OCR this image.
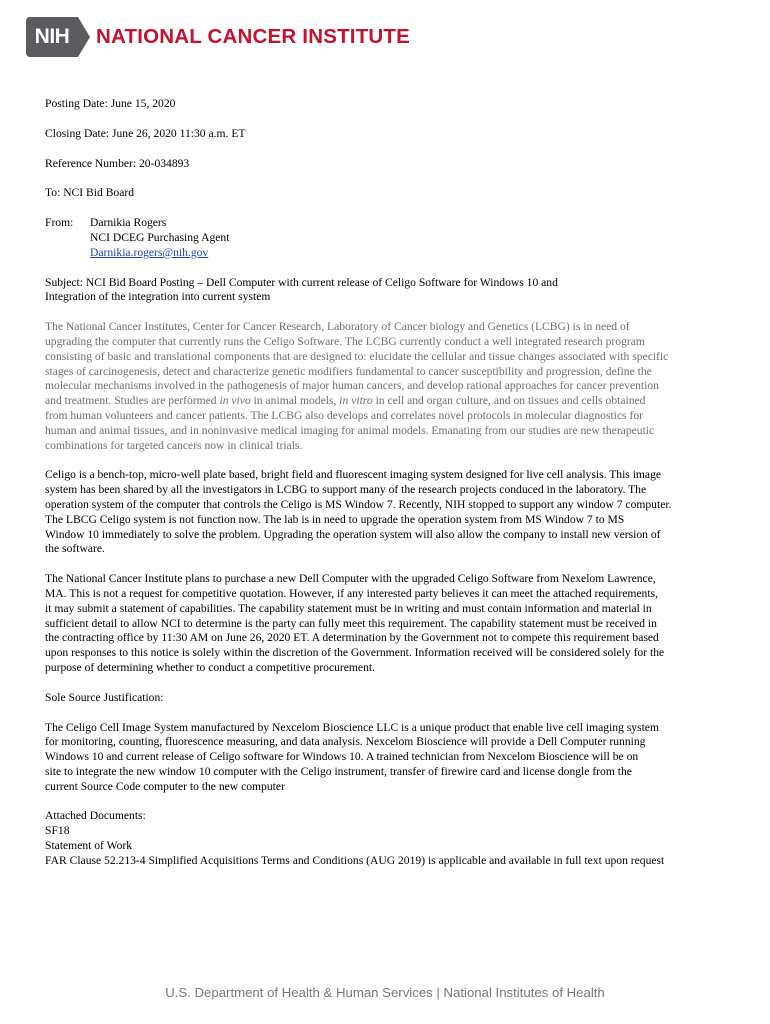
NIH	NATIONAL CANCER INSTITUTE

Posting Date: June 15, 2020

Closing Date: June 26, 2020 11:30 a.m. ET

Reference Number: 20-034893

To: NCI Bid Board

From:	Darnikia Rogers
NCI DCEG Purchasing Agent
Darnikia.rogers@nih.gov
Subject: NCI Bid Board Posting – Dell Computer with current release of Celigo Software for Windows 10 and
Integration of the integration into current system
The National Cancer Institutes, Center for Cancer Research, Laboratory of Cancer biology and Genetics (LCBG) is in need of
upgrading the computer that currently runs the Celigo Software. The LCBG currently conduct a well integrated research program
consisting of basic and translational components that are designed to: elucidate the cellular and tissue changes associated with specific
stages of carcinogenesis, detect and characterize genetic modifiers fundamental to cancer susceptibility and progression, define the
molecular mechanisms involved in the pathogenesis of major human cancers, and develop rational approaches for cancer prevention
and treatment. Studies are performed in vivo in animal models, in vitro in cell and organ culture, and on tissues and cells obtained
from human volunteers and cancer patients. The LCBG also develops and correlates novel protocols in molecular diagnostics for
human and animal tissues, and in noninvasive medical imaging for animal models. Emanating from our studies are new therapeutic
combinations for targeted cancers now in clinical trials.
Celigo is a bench-top, micro-well plate based, bright field and fluorescent imaging system designed for live cell analysis. This image
system has been shared by all the investigators in LCBG to support many of the research projects conduced in the laboratory. The
operation system of the computer that controls the Celigo is MS Window 7. Recently, NIH stopped to support any window 7 computer.
The LBCG Celigo system is not function now. The lab is in need to upgrade the operation system from MS Window 7 to MS
Window 10 immediately to solve the problem. Upgrading the operation system will also allow the company to install new version of
the software.
The National Cancer Institute plans to purchase a new Dell Computer with the upgraded Celigo Software from Nexelom Lawrence,
MA. This is not a request for competitive quotation. However, if any interested party believes it can meet the attached requirements,
it may submit a statement of capabilities. The capability statement must be in writing and must contain information and material in
sufficient detail to allow NCI to determine is the party can fully meet this requirement. The capability statement must be received in
the contracting office by 11:30 AM on June 26, 2020 ET. A determination by the Government not to compete this requirement based
upon responses to this notice is solely within the discretion of the Government. Information received will be considered solely for the
purpose of determining whether to conduct a competitive procurement.

Sole Source Justification:

The Celigo Cell Image System manufactured by Nexcelom Bioscience LLC is a unique product that enable live cell imaging system
for monitoring, counting, fluorescence measuring, and data analysis. Nexcelom Bioscience will provide a Dell Computer running
Windows 10 and current release of Celigo software for Windows 10. A trained technician from Nexcelom Bioscience will be on
site to integrate the new window 10 computer with the Celigo instrument, transfer of firewire card and license dongle from the
current Source Code computer to the new computer
Attached Documents:
SF18
Statement of Work
FAR Clause 52.213-4 Simplified Acquisitions Terms and Conditions (AUG 2019) is applicable and available in full text upon request
U.S. Department of Health & Human Services | National Institutes of Health
